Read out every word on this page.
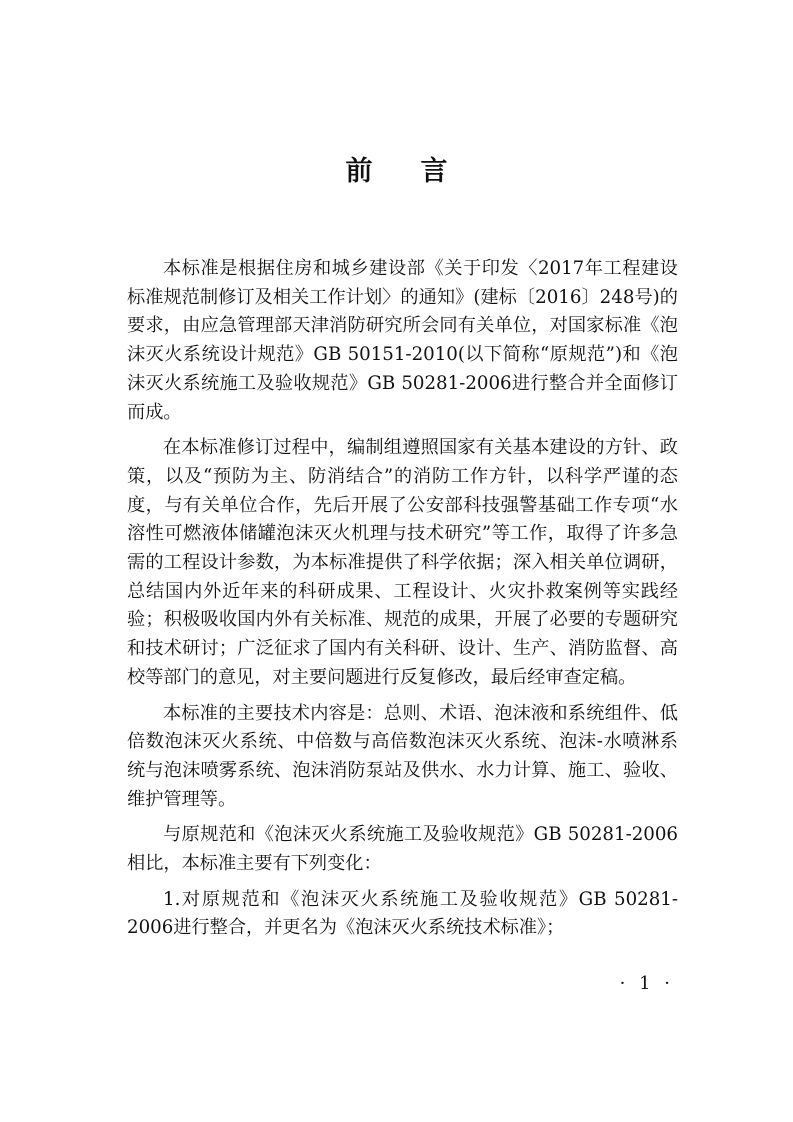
前言

本标准是根据住房和城乡建设部《关于印发〈2017年工程建设标准规范制修订及相关工作计划〉的通知》(建标〔2016〕248号)的要求，由应急管理部天津消防研究所会同有关单位，对国家标准《泡沫灭火系统设计规范》GB 50151-2010(以下简称“原规范”)和《泡沫灭火系统施工及验收规范》GB 50281-2006进行整合并全面修订而成。

在本标准修订过程中，编制组遵照国家有关基本建设的方针、政策，以及“预防为主、防消结合”的消防工作方针，以科学严谨的态度，与有关单位合作，先后开展了公安部科技强警基础工作专项“水溶性可燃液体储罐泡沫灭火机理与技术研究”等工作，取得了许多急需的工程设计参数，为本标准提供了科学依据；深入相关单位调研，总结国内外近年来的科研成果、工程设计、火灾扑救案例等实践经验；积极吸收国内外有关标准、规范的成果，开展了必要的专题研究和技术研讨；广泛征求了国内有关科研、设计、生产、消防监督、高校等部门的意见，对主要问题进行反复修改，最后经审查定稿。

本标准的主要技术内容是：总则、术语、泡沫液和系统组件、低倍数泡沫灭火系统、中倍数与高倍数泡沫灭火系统、泡沫-水喷淋系统与泡沫喷雾系统、泡沫消防泵站及供水、水力计算、施工、验收、维护管理等。

与原规范和《泡沫灭火系统施工及验收规范》GB 50281-2006相比，本标准主要有下列变化：

1.对原规范和《泡沫灭火系统施工及验收规范》GB 50281-2006进行整合，并更名为《泡沫灭火系统技术标准》；

· 1 ·
